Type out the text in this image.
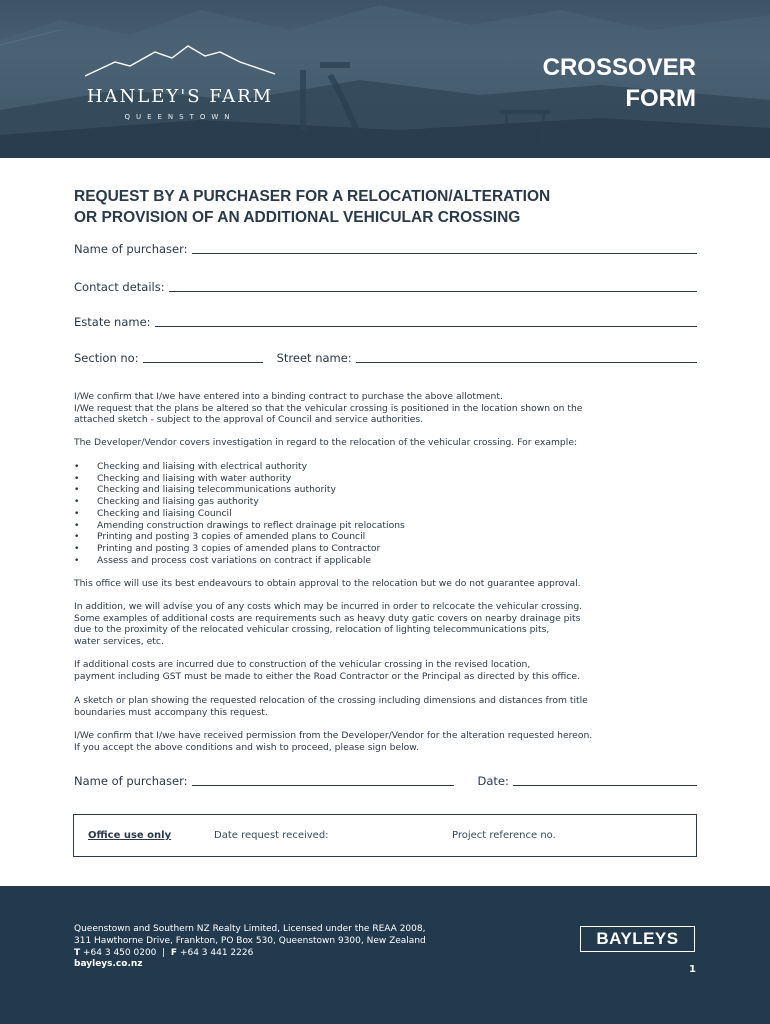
HANLEY'S FARM
QUEENSTOWN
CROSSOVER
FORM
REQUEST BY A PURCHASER FOR A RELOCATION/ALTERATION
OR PROVISION OF AN ADDITIONAL VEHICULAR CROSSING
Name of purchaser:
Contact details:
Estate name:
Section no:	Street name:
I/We confirm that I/we have entered into a binding contract to purchase the above allotment.
I/We request that the plans be altered so that the vehicular crossing is positioned in the location shown on the
attached sketch - subject to the approval of Council and service authorities.
The Developer/Vendor covers investigation in regard to the relocation of the vehicular crossing. For example:
•	Checking and liaising with electrical authority
•	Checking and liaising with water authority
•	Checking and liaising telecommunications authority
•	Checking and liaising gas authority
•	Checking and liaising Council
•	Amending construction drawings to reflect drainage pit relocations
•	Printing and posting 3 copies of amended plans to Council
•	Printing and posting 3 copies of amended plans to Contractor
•	Assess and process cost variations on contract if applicable
This office will use its best endeavours to obtain approval to the relocation but we do not guarantee approval.
In addition, we will advise you of any costs which may be incurred in order to relcocate the vehicular crossing.
Some examples of additional costs are requirements such as heavy duty gatic covers on nearby drainage pits
due to the proximity of the relocated vehicular crossing, relocation of lighting telecommunications pits,
water services, etc.
If additional costs are incurred due to construction of the vehicular crossing in the revised location,
payment including GST must be made to either the Road Contractor or the Principal as directed by this office.
A sketch or plan showing the requested relocation of the crossing including dimensions and distances from title
boundaries must accompany this request.
I/We confirm that I/we have received permission from the Developer/Vendor for the alteration requested hereon.
If you accept the above conditions and wish to proceed, please sign below.
Name of purchaser:	Date:
Office use only	Date request received:	Project reference no.
Queenstown and Southern NZ Realty Limited, Licensed under the REAA 2008,
311 Hawthorne Drive, Frankton, PO Box 530, Queenstown 9300, New Zealand
T +64 3 450 0200 | F +64 3 441 2226
bayleys.co.nz
BAYLEYS
1
